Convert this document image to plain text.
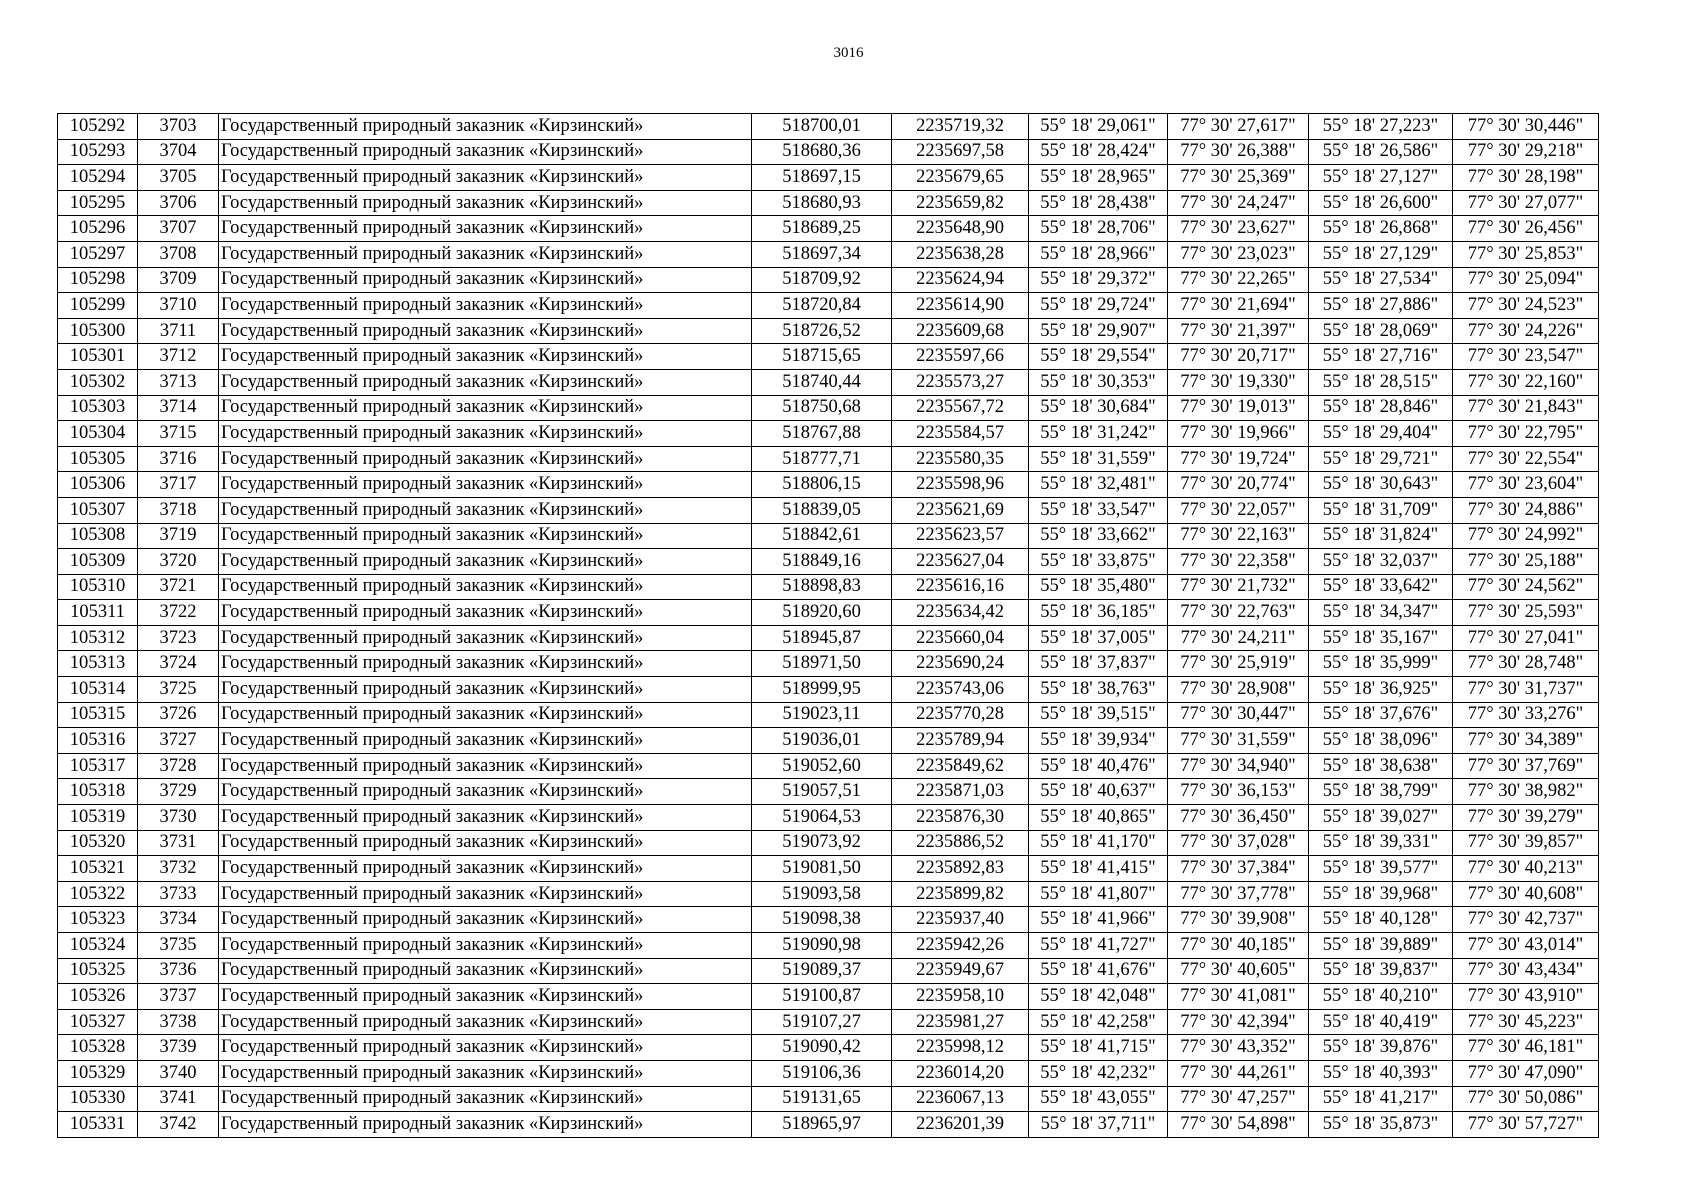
3016
105292	3703	Государственный природный заказник «Кирзинский»	518700,01	2235719,32	55° 18' 29,061"	77° 30' 27,617"	55° 18' 27,223"	77° 30' 30,446"
105293	3704	Государственный природный заказник «Кирзинский»	518680,36	2235697,58	55° 18' 28,424"	77° 30' 26,388"	55° 18' 26,586"	77° 30' 29,218"
105294	3705	Государственный природный заказник «Кирзинский»	518697,15	2235679,65	55° 18' 28,965"	77° 30' 25,369"	55° 18' 27,127"	77° 30' 28,198"
105295	3706	Государственный природный заказник «Кирзинский»	518680,93	2235659,82	55° 18' 28,438"	77° 30' 24,247"	55° 18' 26,600"	77° 30' 27,077"
105296	3707	Государственный природный заказник «Кирзинский»	518689,25	2235648,90	55° 18' 28,706"	77° 30' 23,627"	55° 18' 26,868"	77° 30' 26,456"
105297	3708	Государственный природный заказник «Кирзинский»	518697,34	2235638,28	55° 18' 28,966"	77° 30' 23,023"	55° 18' 27,129"	77° 30' 25,853"
105298	3709	Государственный природный заказник «Кирзинский»	518709,92	2235624,94	55° 18' 29,372"	77° 30' 22,265"	55° 18' 27,534"	77° 30' 25,094"
105299	3710	Государственный природный заказник «Кирзинский»	518720,84	2235614,90	55° 18' 29,724"	77° 30' 21,694"	55° 18' 27,886"	77° 30' 24,523"
105300	3711	Государственный природный заказник «Кирзинский»	518726,52	2235609,68	55° 18' 29,907"	77° 30' 21,397"	55° 18' 28,069"	77° 30' 24,226"
105301	3712	Государственный природный заказник «Кирзинский»	518715,65	2235597,66	55° 18' 29,554"	77° 30' 20,717"	55° 18' 27,716"	77° 30' 23,547"
105302	3713	Государственный природный заказник «Кирзинский»	518740,44	2235573,27	55° 18' 30,353"	77° 30' 19,330"	55° 18' 28,515"	77° 30' 22,160"
105303	3714	Государственный природный заказник «Кирзинский»	518750,68	2235567,72	55° 18' 30,684"	77° 30' 19,013"	55° 18' 28,846"	77° 30' 21,843"
105304	3715	Государственный природный заказник «Кирзинский»	518767,88	2235584,57	55° 18' 31,242"	77° 30' 19,966"	55° 18' 29,404"	77° 30' 22,795"
105305	3716	Государственный природный заказник «Кирзинский»	518777,71	2235580,35	55° 18' 31,559"	77° 30' 19,724"	55° 18' 29,721"	77° 30' 22,554"
105306	3717	Государственный природный заказник «Кирзинский»	518806,15	2235598,96	55° 18' 32,481"	77° 30' 20,774"	55° 18' 30,643"	77° 30' 23,604"
105307	3718	Государственный природный заказник «Кирзинский»	518839,05	2235621,69	55° 18' 33,547"	77° 30' 22,057"	55° 18' 31,709"	77° 30' 24,886"
105308	3719	Государственный природный заказник «Кирзинский»	518842,61	2235623,57	55° 18' 33,662"	77° 30' 22,163"	55° 18' 31,824"	77° 30' 24,992"
105309	3720	Государственный природный заказник «Кирзинский»	518849,16	2235627,04	55° 18' 33,875"	77° 30' 22,358"	55° 18' 32,037"	77° 30' 25,188"
105310	3721	Государственный природный заказник «Кирзинский»	518898,83	2235616,16	55° 18' 35,480"	77° 30' 21,732"	55° 18' 33,642"	77° 30' 24,562"
105311	3722	Государственный природный заказник «Кирзинский»	518920,60	2235634,42	55° 18' 36,185"	77° 30' 22,763"	55° 18' 34,347"	77° 30' 25,593"
105312	3723	Государственный природный заказник «Кирзинский»	518945,87	2235660,04	55° 18' 37,005"	77° 30' 24,211"	55° 18' 35,167"	77° 30' 27,041"
105313	3724	Государственный природный заказник «Кирзинский»	518971,50	2235690,24	55° 18' 37,837"	77° 30' 25,919"	55° 18' 35,999"	77° 30' 28,748"
105314	3725	Государственный природный заказник «Кирзинский»	518999,95	2235743,06	55° 18' 38,763"	77° 30' 28,908"	55° 18' 36,925"	77° 30' 31,737"
105315	3726	Государственный природный заказник «Кирзинский»	519023,11	2235770,28	55° 18' 39,515"	77° 30' 30,447"	55° 18' 37,676"	77° 30' 33,276"
105316	3727	Государственный природный заказник «Кирзинский»	519036,01	2235789,94	55° 18' 39,934"	77° 30' 31,559"	55° 18' 38,096"	77° 30' 34,389"
105317	3728	Государственный природный заказник «Кирзинский»	519052,60	2235849,62	55° 18' 40,476"	77° 30' 34,940"	55° 18' 38,638"	77° 30' 37,769"
105318	3729	Государственный природный заказник «Кирзинский»	519057,51	2235871,03	55° 18' 40,637"	77° 30' 36,153"	55° 18' 38,799"	77° 30' 38,982"
105319	3730	Государственный природный заказник «Кирзинский»	519064,53	2235876,30	55° 18' 40,865"	77° 30' 36,450"	55° 18' 39,027"	77° 30' 39,279"
105320	3731	Государственный природный заказник «Кирзинский»	519073,92	2235886,52	55° 18' 41,170"	77° 30' 37,028"	55° 18' 39,331"	77° 30' 39,857"
105321	3732	Государственный природный заказник «Кирзинский»	519081,50	2235892,83	55° 18' 41,415"	77° 30' 37,384"	55° 18' 39,577"	77° 30' 40,213"
105322	3733	Государственный природный заказник «Кирзинский»	519093,58	2235899,82	55° 18' 41,807"	77° 30' 37,778"	55° 18' 39,968"	77° 30' 40,608"
105323	3734	Государственный природный заказник «Кирзинский»	519098,38	2235937,40	55° 18' 41,966"	77° 30' 39,908"	55° 18' 40,128"	77° 30' 42,737"
105324	3735	Государственный природный заказник «Кирзинский»	519090,98	2235942,26	55° 18' 41,727"	77° 30' 40,185"	55° 18' 39,889"	77° 30' 43,014"
105325	3736	Государственный природный заказник «Кирзинский»	519089,37	2235949,67	55° 18' 41,676"	77° 30' 40,605"	55° 18' 39,837"	77° 30' 43,434"
105326	3737	Государственный природный заказник «Кирзинский»	519100,87	2235958,10	55° 18' 42,048"	77° 30' 41,081"	55° 18' 40,210"	77° 30' 43,910"
105327	3738	Государственный природный заказник «Кирзинский»	519107,27	2235981,27	55° 18' 42,258"	77° 30' 42,394"	55° 18' 40,419"	77° 30' 45,223"
105328	3739	Государственный природный заказник «Кирзинский»	519090,42	2235998,12	55° 18' 41,715"	77° 30' 43,352"	55° 18' 39,876"	77° 30' 46,181"
105329	3740	Государственный природный заказник «Кирзинский»	519106,36	2236014,20	55° 18' 42,232"	77° 30' 44,261"	55° 18' 40,393"	77° 30' 47,090"
105330	3741	Государственный природный заказник «Кирзинский»	519131,65	2236067,13	55° 18' 43,055"	77° 30' 47,257"	55° 18' 41,217"	77° 30' 50,086"
105331	3742	Государственный природный заказник «Кирзинский»	518965,97	2236201,39	55° 18' 37,711"	77° 30' 54,898"	55° 18' 35,873"	77° 30' 57,727"
